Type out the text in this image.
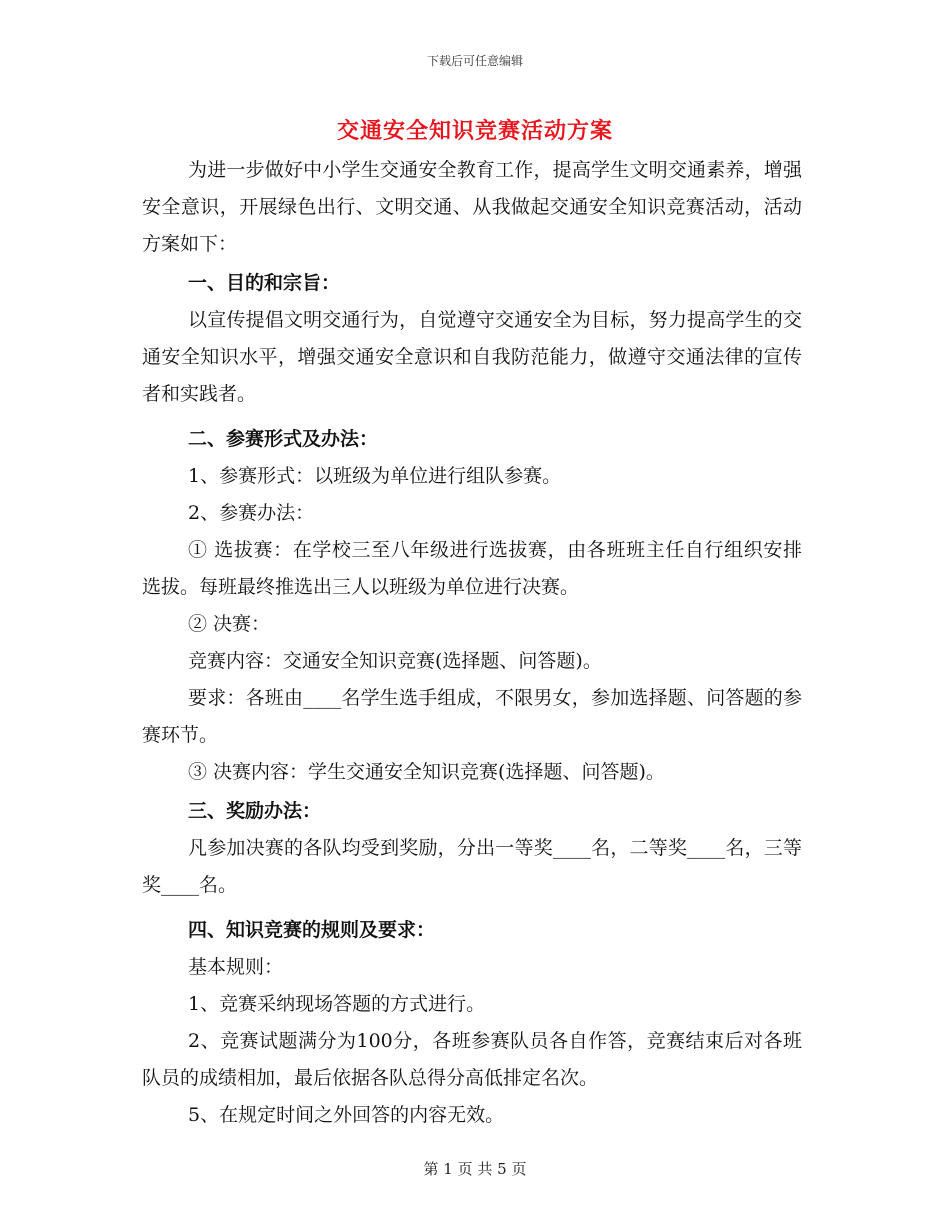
下载后可任意编辑
交通安全知识竞赛活动方案

为进一步做好中小学生交通安全教育工作，提高学生文明交通素养，增强安全意识，开展绿色出行、文明交通、从我做起交通安全知识竞赛活动，活动方案如下：

一、目的和宗旨：

以宣传提倡文明交通行为，自觉遵守交通安全为目标，努力提高学生的交通安全知识水平，增强交通安全意识和自我防范能力，做遵守交通法律的宣传者和实践者。

二、参赛形式及办法：

1、参赛形式：以班级为单位进行组队参赛。

2、参赛办法：

① 选拔赛：在学校三至八年级进行选拔赛，由各班班主任自行组织安排选拔。每班最终推选出三人以班级为单位进行决赛。

② 决赛：

竞赛内容：交通安全知识竞赛(选择题、问答题)。

要求：各班由____名学生选手组成，不限男女，参加选择题、问答题的参赛环节。

③ 决赛内容：学生交通安全知识竞赛(选择题、问答题)。

三、奖励办法：

凡参加决赛的各队均受到奖励，分出一等奖____名，二等奖____名，三等奖____名。

四、知识竞赛的规则及要求：

基本规则：

1、竞赛采纳现场答题的方式进行。

2、竞赛试题满分为100分，各班参赛队员各自作答，竞赛结束后对各班队员的成绩相加，最后依据各队总得分高低排定名次。

5、在规定时间之外回答的内容无效。

第 1 页 共 5 页
